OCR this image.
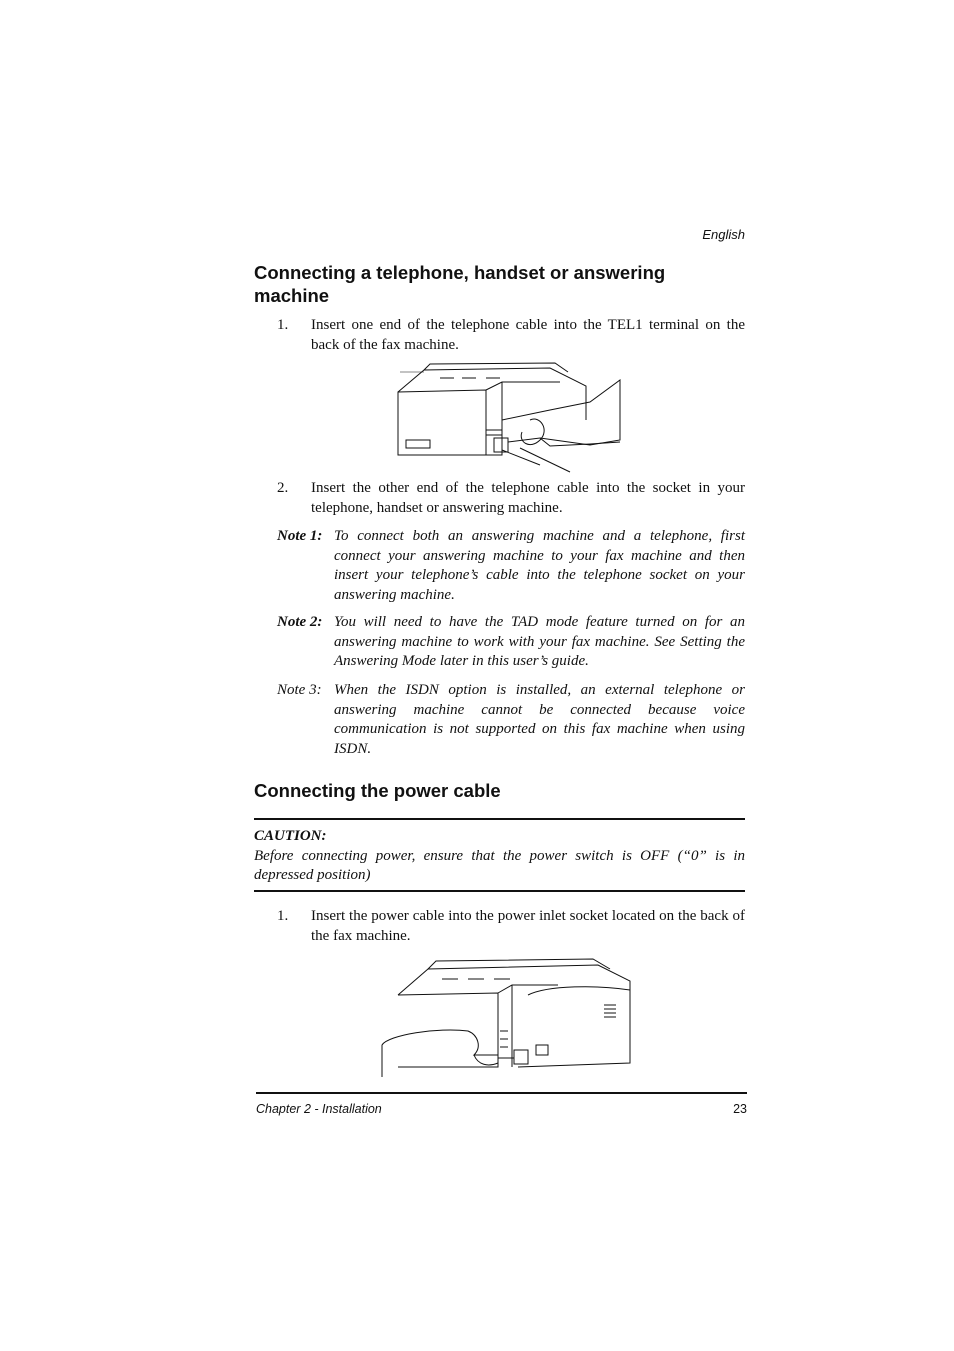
English
Connecting a telephone, handset or answering machine
1. Insert one end of the telephone cable into the TEL1 terminal on the back of the fax machine.
2. Insert the other end of the telephone cable into the socket in your telephone, handset or answering machine.
Note 1: To connect both an answering machine and a telephone, first connect your answering machine to your fax machine and then insert your telephone’s cable into the telephone socket on your answering machine.
Note 2: You will need to have the TAD mode feature turned on for an answering machine to work with your fax machine. See Setting the Answering Mode later in this user’s guide.
Note 3: When the ISDN option is installed, an external telephone or answering machine cannot be connected because voice communication is not supported on this fax machine when using ISDN.
Connecting the power cable
CAUTION:
Before connecting power, ensure that the power switch is OFF (“0” is in depressed position)
1. Insert the power cable into the power inlet socket located on the back of the fax machine.
Chapter 2 - Installation	23
